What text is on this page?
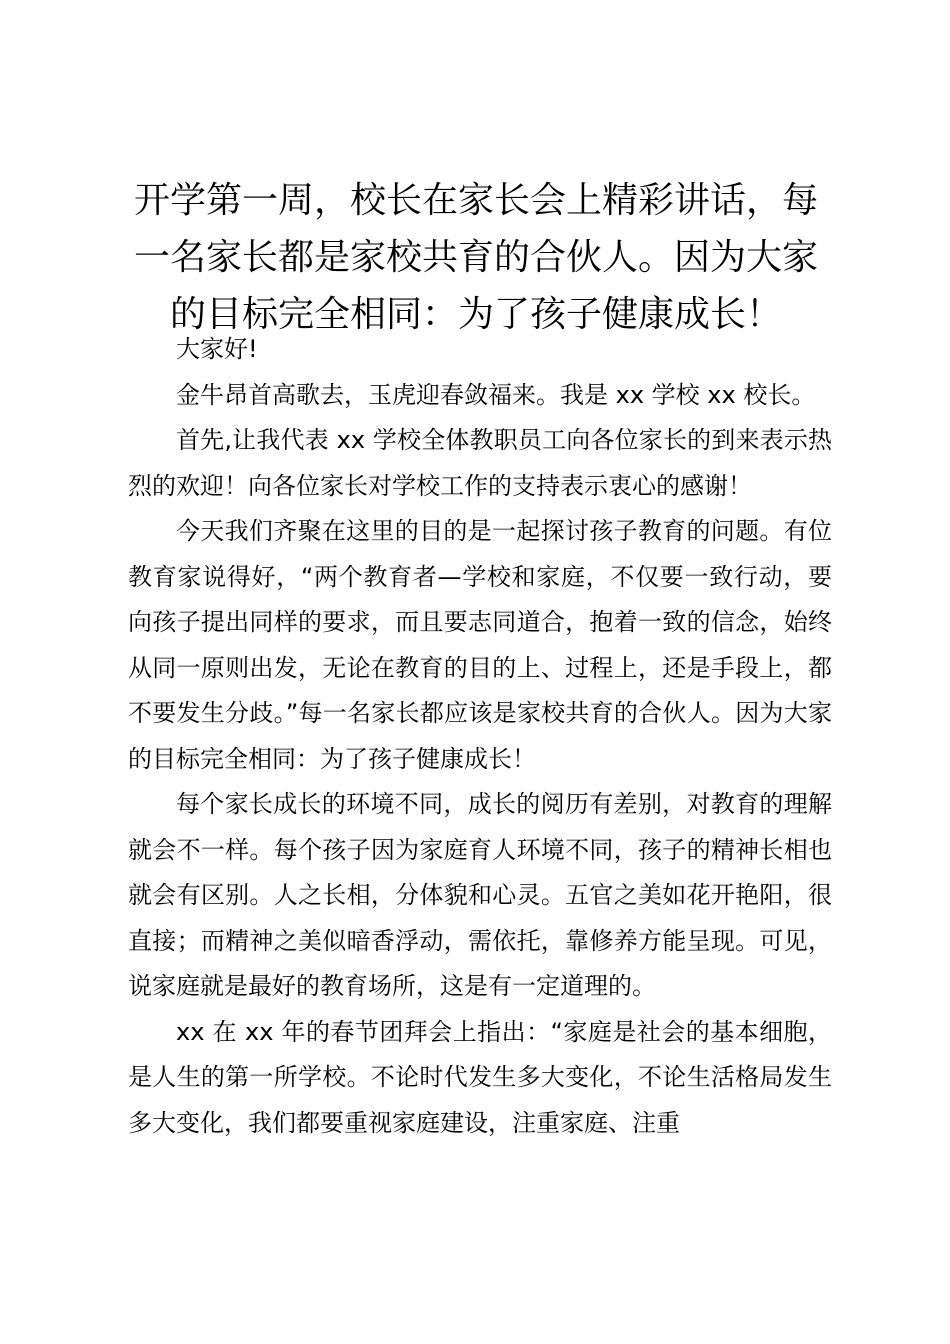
开学第一周，校长在家长会上精彩讲话，每一名家长都是家校共育的合伙人。因为大家的目标完全相同：为了孩子健康成长！

大家好!

金牛昂首高歌去，玉虎迎春敛福来。我是 xx 学校 xx 校长。

首先,让我代表 xx 学校全体教职员工向各位家长的到来表示热烈的欢迎！向各位家长对学校工作的支持表示衷心的感谢！

今天我们齐聚在这里的目的是一起探讨孩子教育的问题。有位教育家说得好，“两个教育者—学校和家庭，不仅要一致行动，要向孩子提出同样的要求，而且要志同道合，抱着一致的信念，始终从同一原则出发，无论在教育的目的上、过程上，还是手段上，都不要发生分歧。”每一名家长都应该是家校共育的合伙人。因为大家的目标完全相同：为了孩子健康成长！

每个家长成长的环境不同，成长的阅历有差别，对教育的理解就会不一样。每个孩子因为家庭育人环境不同，孩子的精神长相也就会有区别。人之长相，分体貌和心灵。五官之美如花开艳阳，很直接；而精神之美似暗香浮动，需依托，靠修养方能呈现。可见，说家庭就是最好的教育场所，这是有一定道理的。

xx 在 xx 年的春节团拜会上指出：“家庭是社会的基本细胞，是人生的第一所学校。不论时代发生多大变化，不论生活格局发生多大变化，我们都要重视家庭建设，注重家庭、注重
